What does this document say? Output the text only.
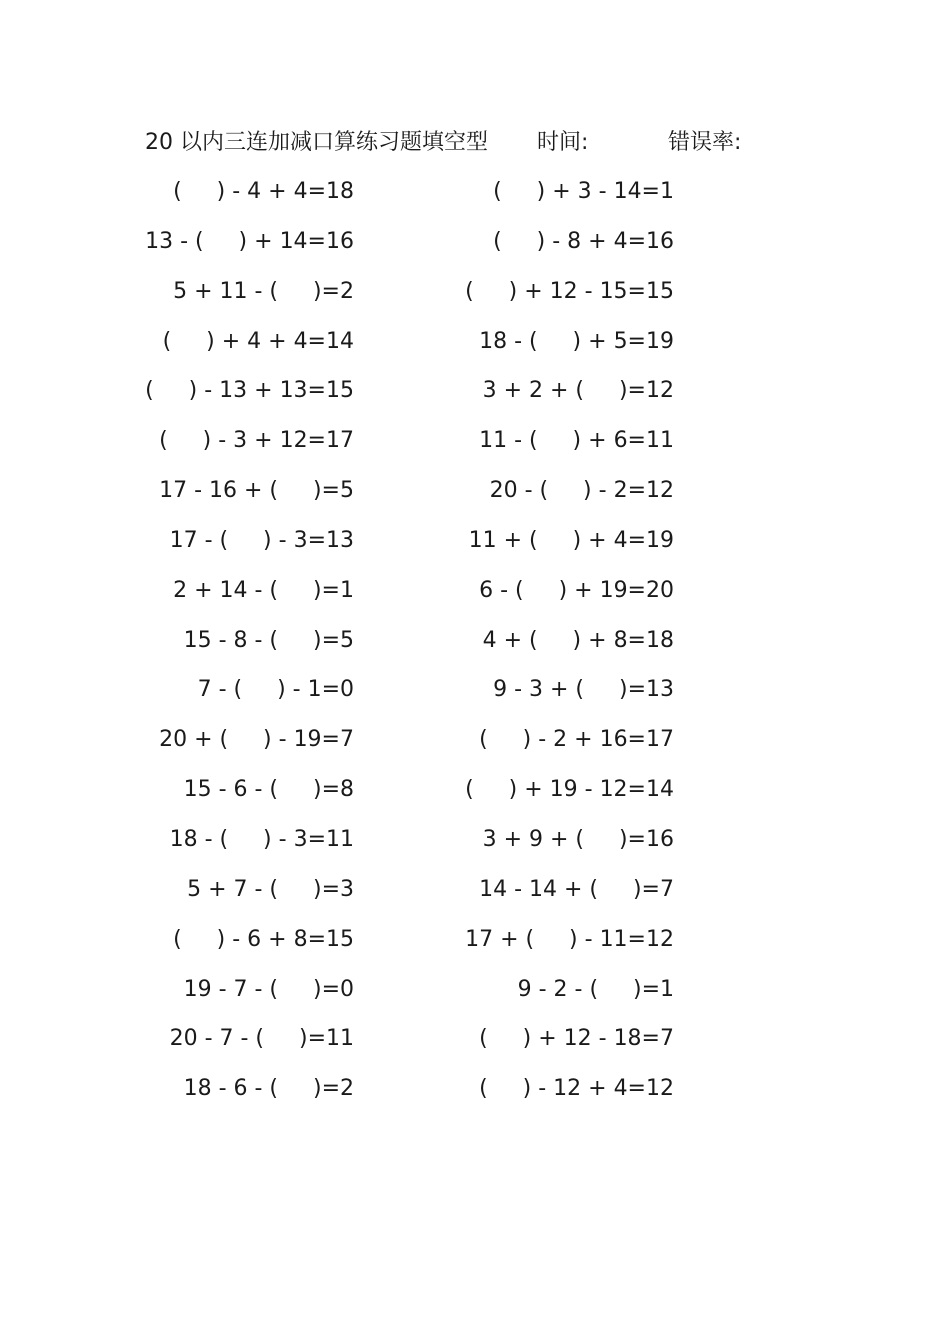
20 以内三连加减口算练习题填空型 时间:	错误率:
(     ) - 4 + 4=18	(     ) + 3 - 14=1
13 - (     ) + 14=16	(     ) - 8 + 4=16
5 + 11 - (     )=2	(     ) + 12 - 15=15
(     ) + 4 + 4=14	18 - (     ) + 5=19
(     ) - 13 + 13=15	3 + 2 + (     )=12
(     ) - 3 + 12=17	11 - (     ) + 6=11
17 - 16 + (     )=5	20 - (     ) - 2=12
17 - (     ) - 3=13	11 + (     ) + 4=19
2 + 14 - (     )=1	6 - (     ) + 19=20
15 - 8 - (     )=5	4 + (     ) + 8=18
7 - (     ) - 1=0	9 - 3 + (     )=13
20 + (     ) - 19=7	(     ) - 2 + 16=17
15 - 6 - (     )=8	(     ) + 19 - 12=14
18 - (     ) - 3=11	3 + 9 + (     )=16
5 + 7 - (     )=3	14 - 14 + (     )=7
(     ) - 6 + 8=15	17 + (     ) - 11=12
19 - 7 - (     )=0	9 - 2 - (     )=1
20 - 7 - (     )=11	(     ) + 12 - 18=7
18 - 6 - (     )=2	(     ) - 12 + 4=12
